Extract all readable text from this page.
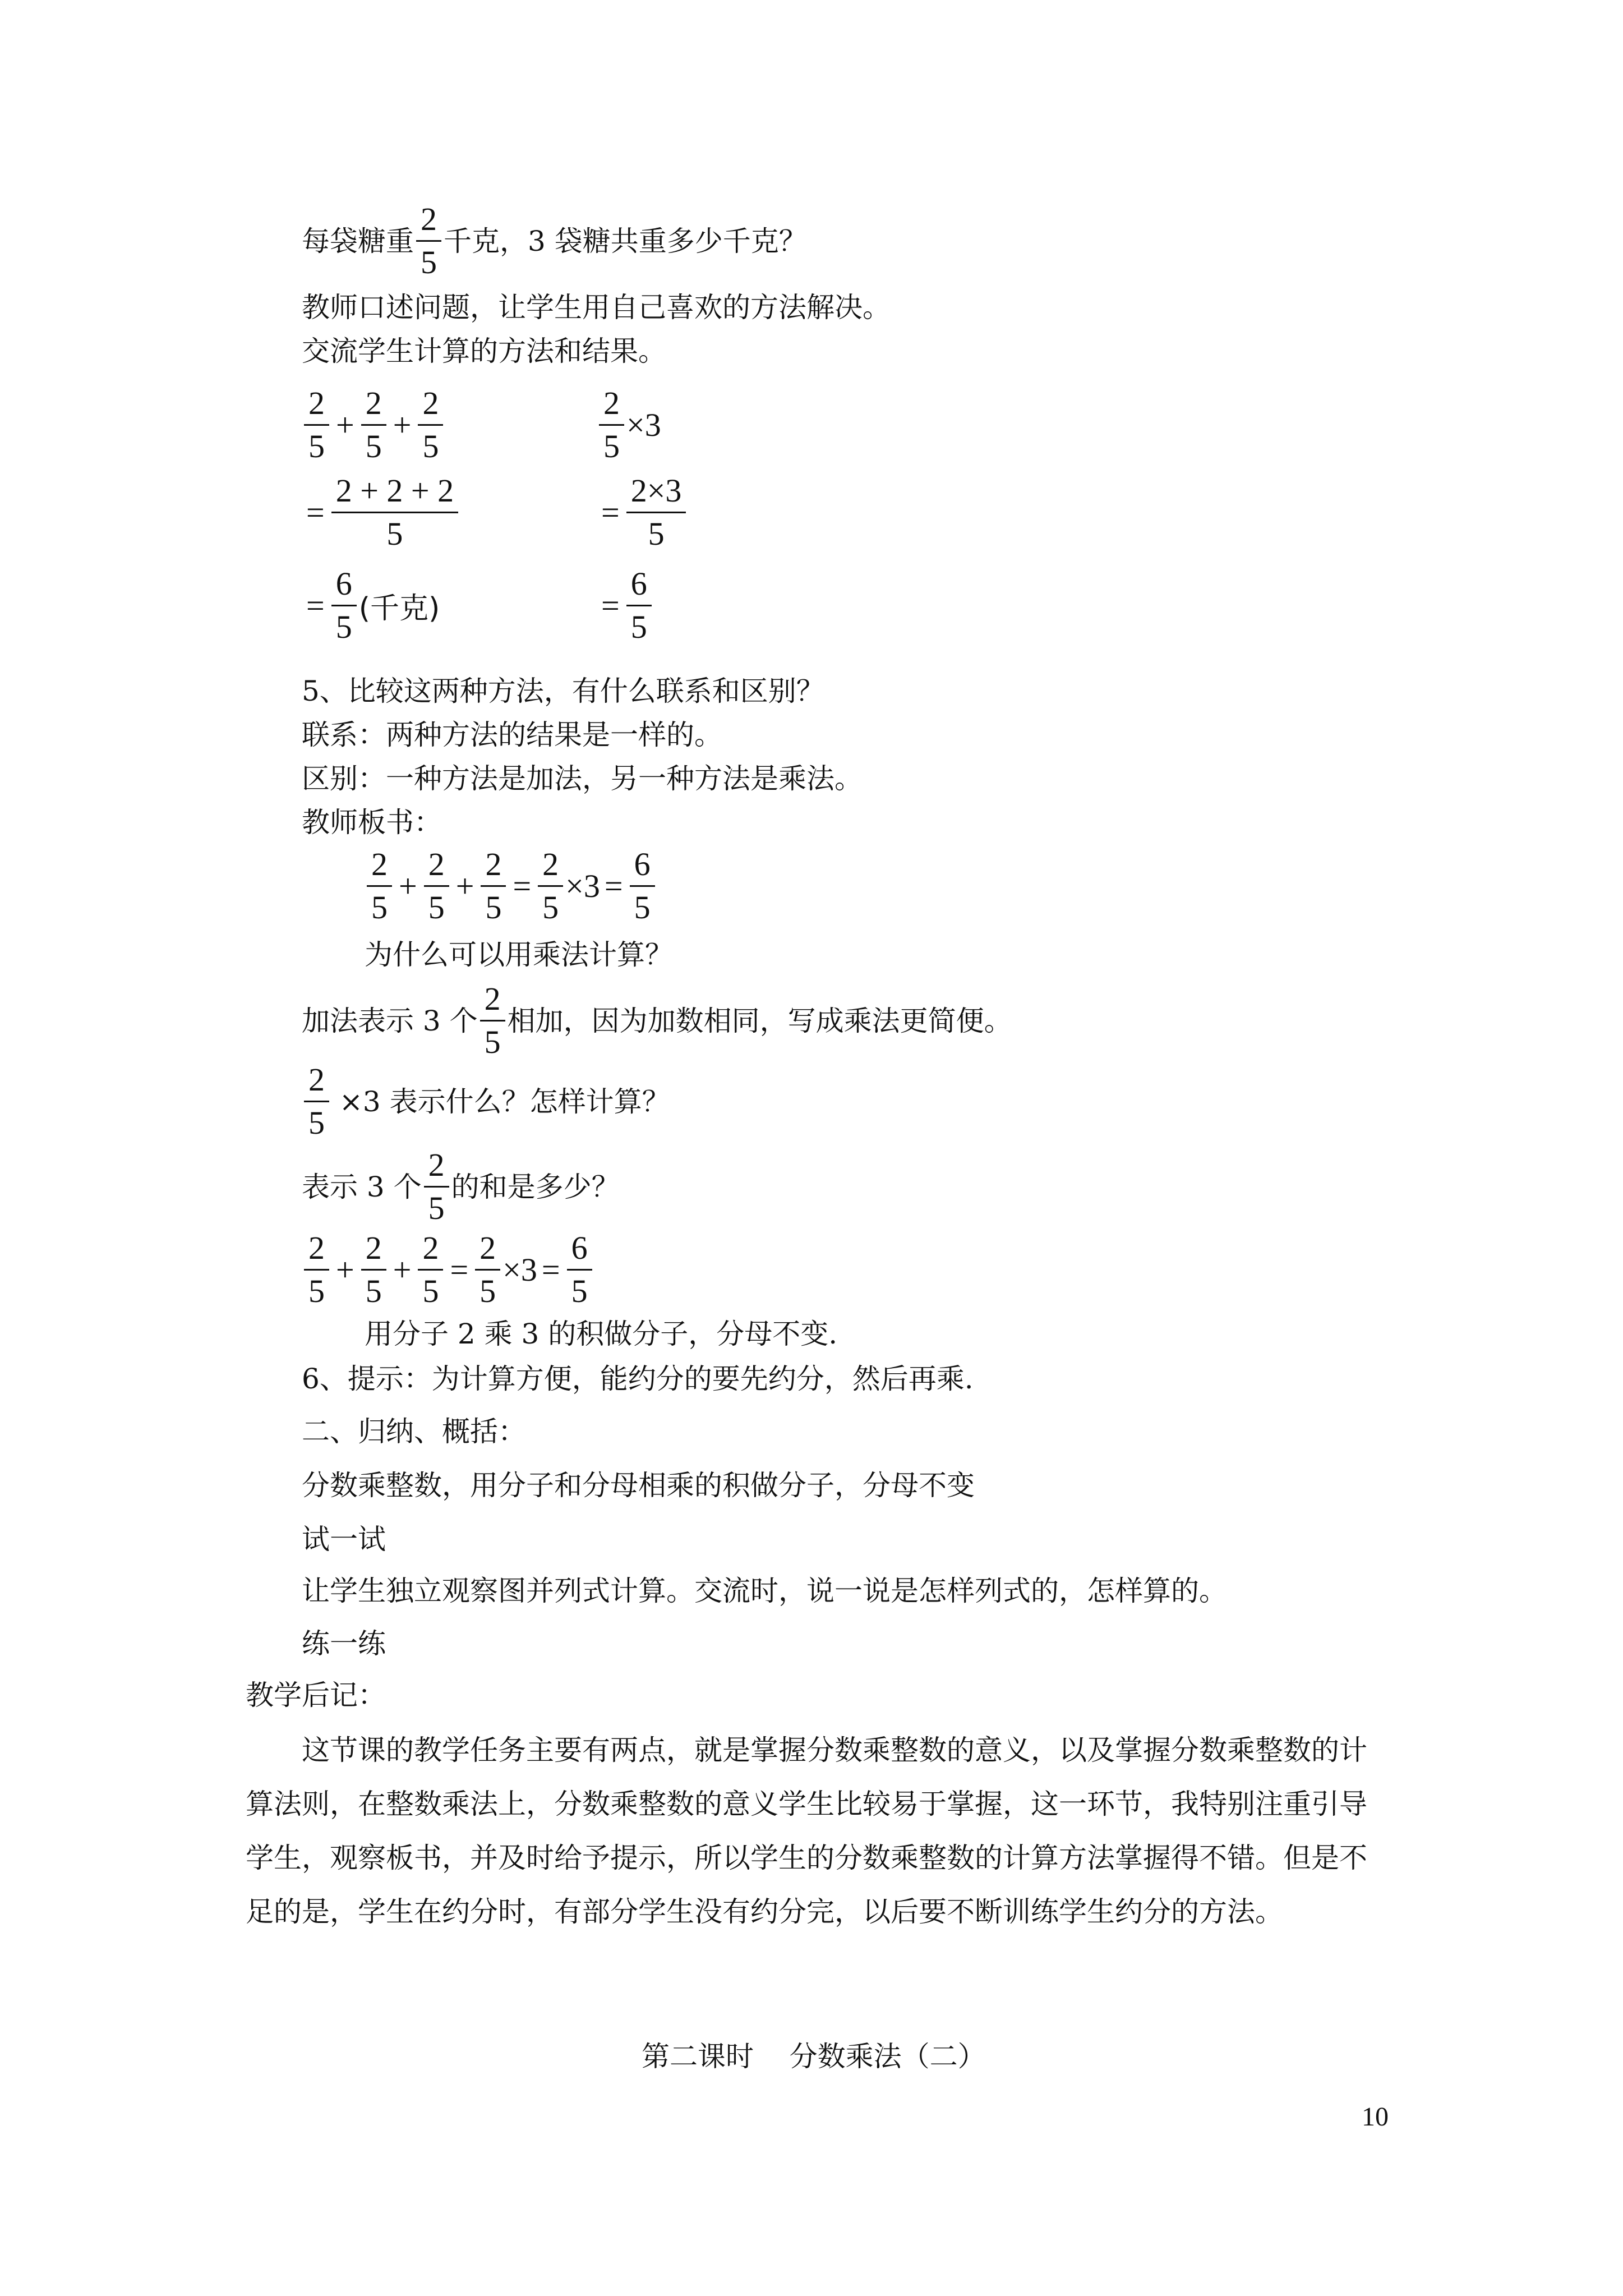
每袋糖重 $\frac{2}{5}$ 千克，3 袋糖共重多少千克？
教师口述问题，让学生用自己喜欢的方法解决。
交流学生计算的方法和结果。
$\frac{2}{5} + \frac{2}{5} + \frac{2}{5}$
= $\frac{2 + 2 + 2}{5}$
= $\frac{6}{5}$ (千克)
$\frac{2}{5} \times 3$
= $\frac{2\times 3}{5}$
= $\frac{6}{5}$
5、比较这两种方法，有什么联系和区别？
联系：两种方法的结果是一样的。
区别：一种方法是加法，另一种方法是乘法。
教师板书：
$\frac{2}{5} + \frac{2}{5} + \frac{2}{5} = \frac{2}{5} \times 3 = \frac{6}{5}$
为什么可以用乘法计算？
加法表示 3 个 $\frac{2}{5}$ 相加，因为加数相同，写成乘法更简便。
$\frac{2}{5} \times 3$ 表示什么？怎样计算？
表示 3 个 $\frac{2}{5}$ 的和是多少？
$\frac{2}{5} + \frac{2}{5} + \frac{2}{5} = \frac{2}{5} \times 3 = \frac{6}{5}$
用分子 2 乘 3 的积做分子，分母不变.
6、提示：为计算方便，能约分的要先约分，然后再乘.
二、归纳、概括：
分数乘整数，用分子和分母相乘的积做分子，分母不变
试一试
让学生独立观察图并列式计算。交流时，说一说是怎样列式的，怎样算的。
练一练
教学后记：
这节课的教学任务主要有两点，就是掌握分数乘整数的意义，以及掌握分数乘整数的计
算法则，在整数乘法上，分数乘整数的意义学生比较易于掌握，这一环节，我特别注重引导
学生，观察板书，并及时给予提示，所以学生的分数乘整数的计算方法掌握得不错。但是不
足的是，学生在约分时，有部分学生没有约分完，以后要不断训练学生约分的方法。
第二课时    分数乘法（二）
10
